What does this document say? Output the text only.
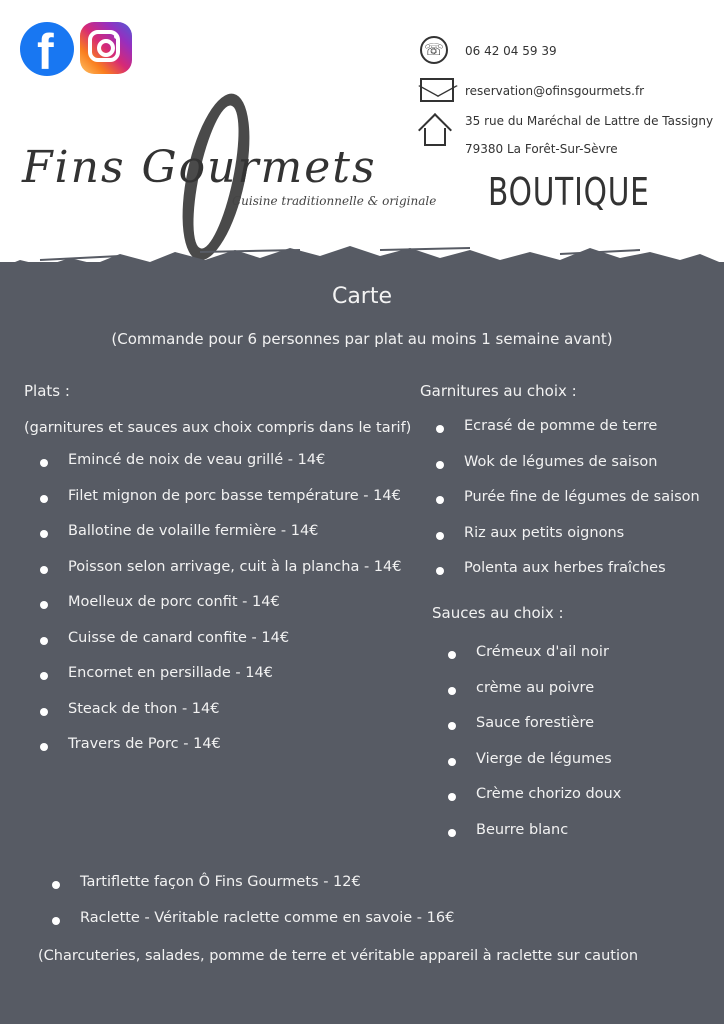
f
Fins Gourmets
Cuisine traditionnelle & originale
☏	06 42 04 59 39
reservation@ofinsgourmets.fr
35 rue du Maréchal de Lattre de Tassigny
79380 La Forêt-Sur-Sèvre
BOUTIQUE
Carte
(Commande pour 6 personnes par plat au moins 1 semaine avant)
Plats :
(garnitures et sauces aux choix compris dans le tarif)
Emincé de noix de veau grillé - 14€
Filet mignon de porc basse température - 14€
Ballotine de volaille fermière - 14€
Poisson selon arrivage, cuit à la plancha - 14€
Moelleux de porc confit - 14€
Cuisse de canard confite - 14€
Encornet en persillade - 14€
Steack de thon - 14€
Travers de Porc - 14€
Garnitures au choix :
Ecrasé de pomme de terre
Wok de légumes de saison
Purée fine de légumes de saison
Riz aux petits oignons
Polenta aux herbes fraîches
Sauces au choix :
Crémeux d'ail noir
crème au poivre
Sauce forestière
Vierge de légumes
Crème chorizo doux
Beurre blanc
Tartiflette façon Ô Fins Gourmets - 12€
Raclette - Véritable raclette comme en savoie - 16€
(Charcuteries, salades, pomme de terre et véritable appareil à raclette sur caution
